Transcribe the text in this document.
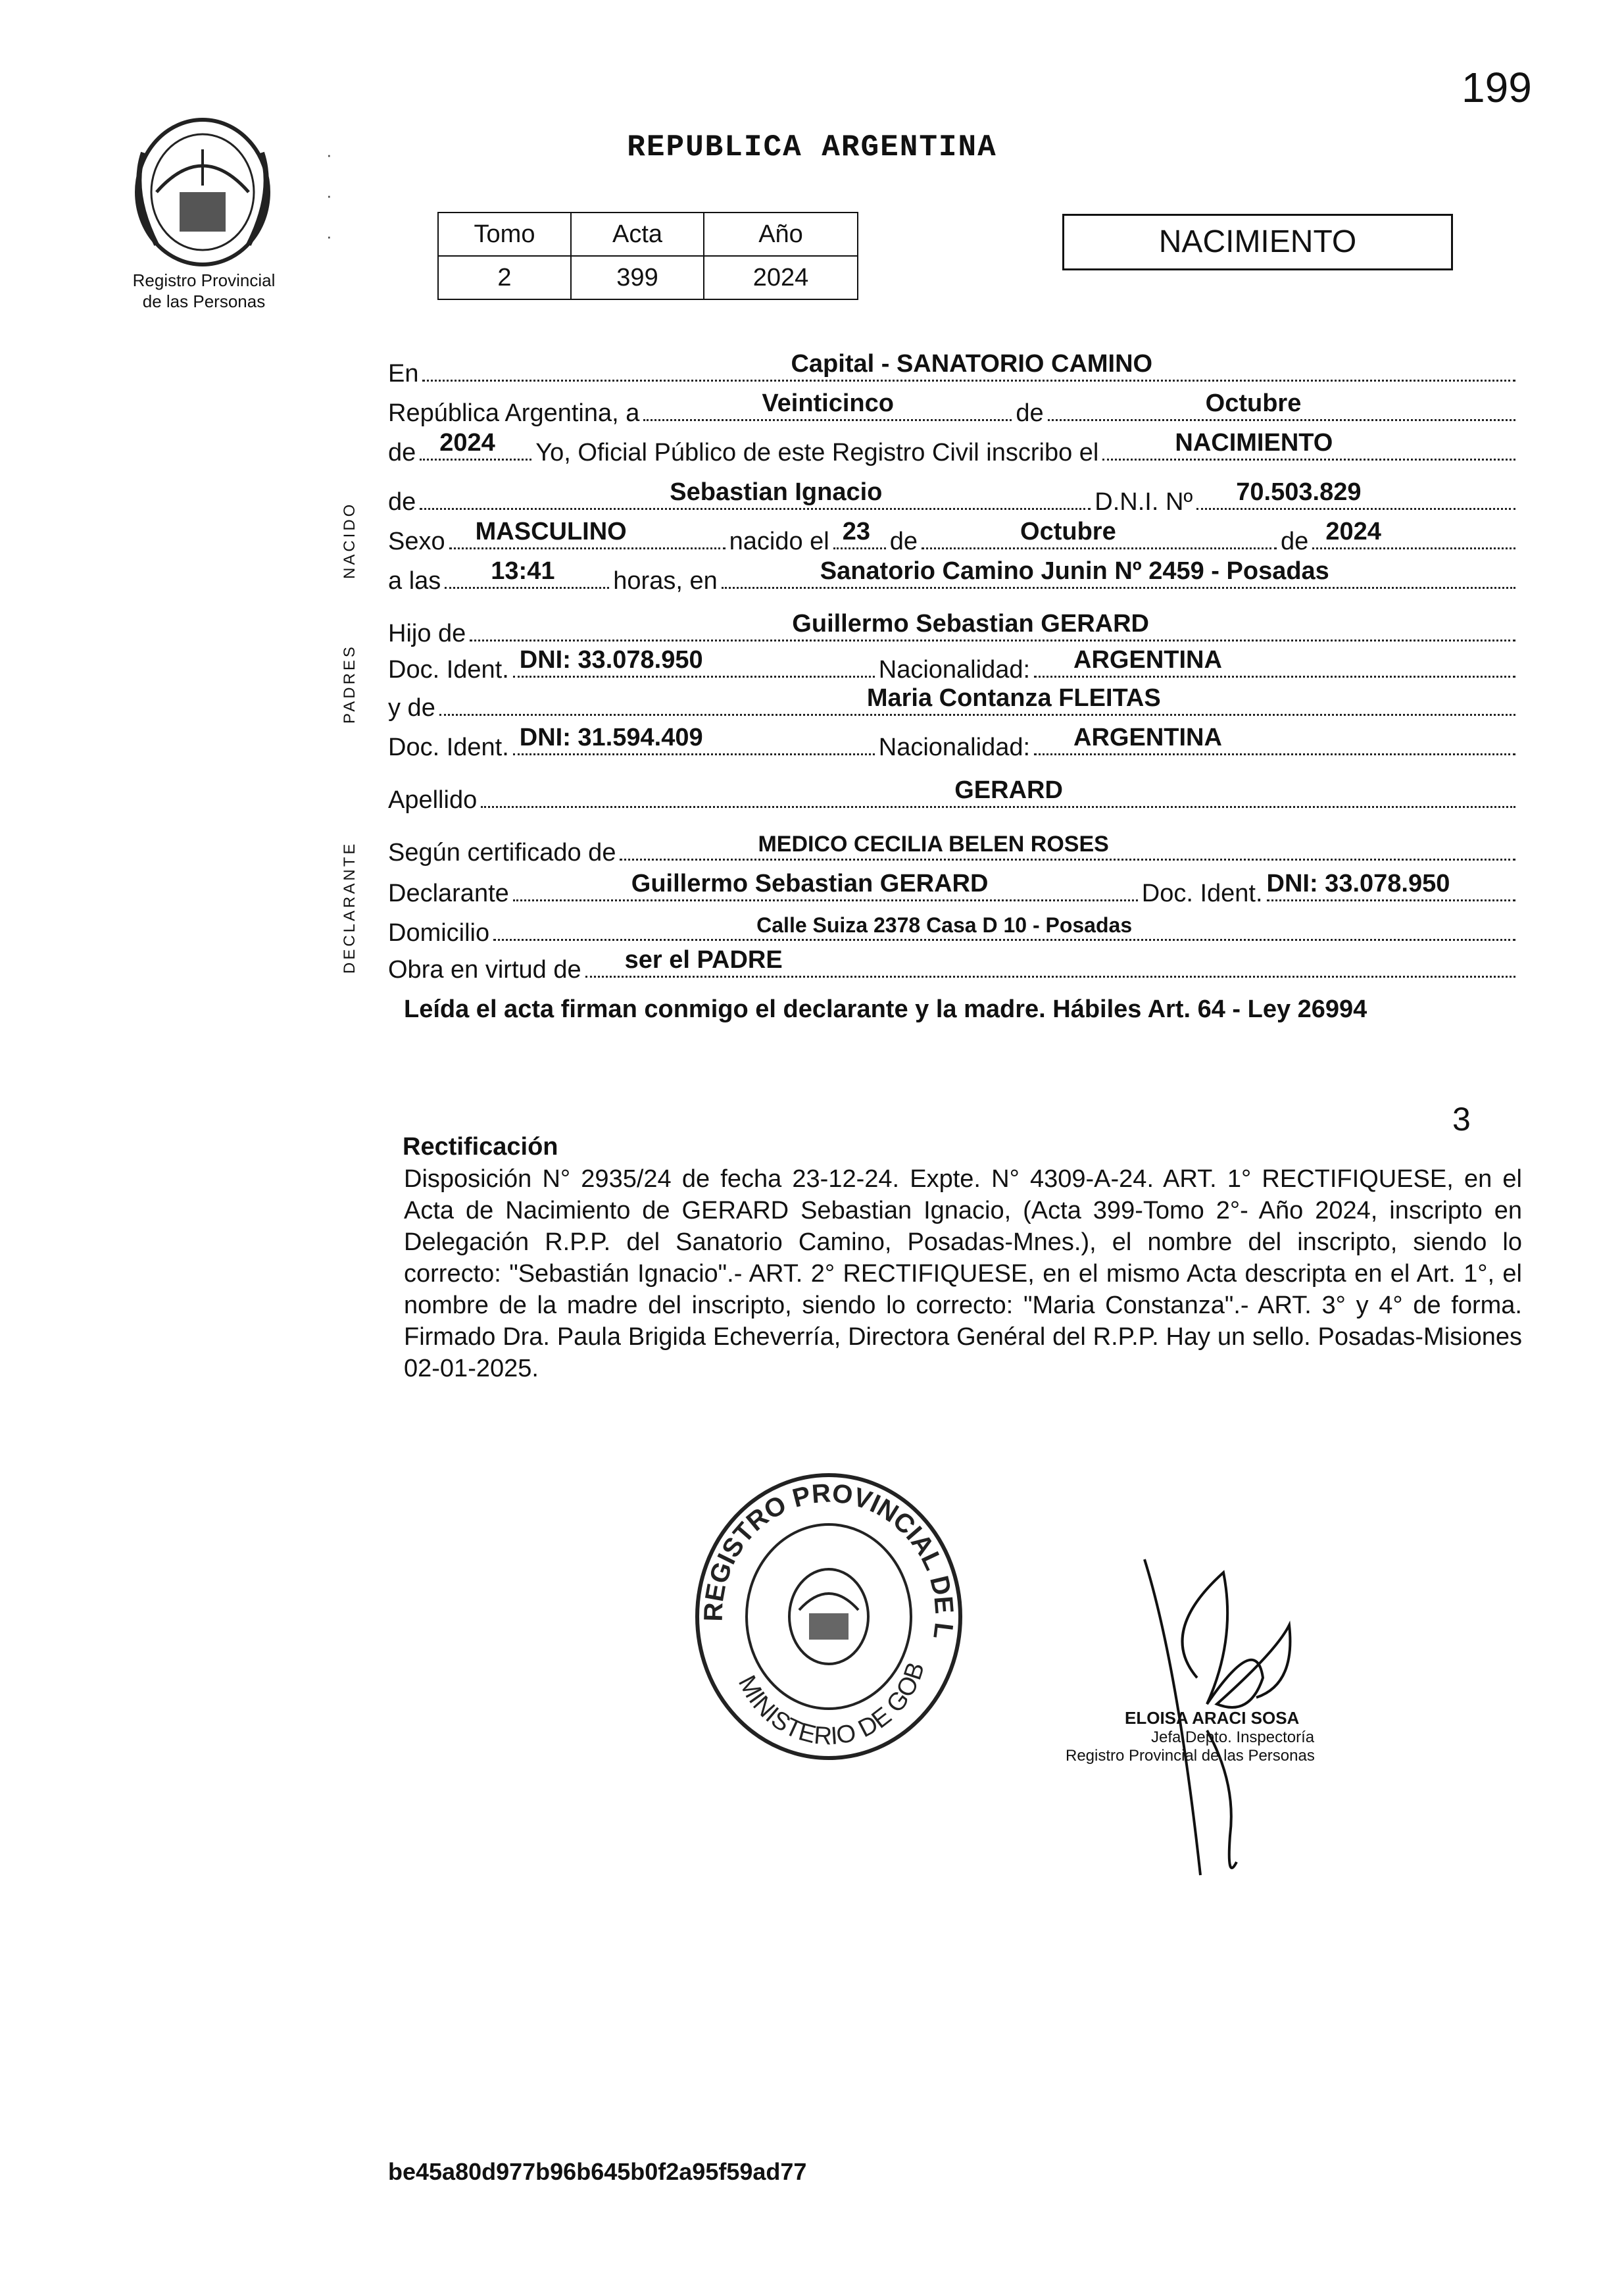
199
Registro Provincial
de las Personas
REPUBLICA ARGENTINA
Tomo	Acta	Año
2	399	2024
NACIMIENTO
NACIDO
PADRES
DECLARANTE
·

·

·
En	Capital - SANATORIO CAMINO
República Argentina, a	Veinticinco	de	Octubre
de 2024 Yo, Oficial Público de este Registro Civil inscribo el	NACIMIENTO
de	Sebastian Ignacio	D.N.I. Nº 70.503.829
Sexo MASCULINO	nacido el 23 de	Octubre	de 2024
a las 13:41 horas, en	Sanatorio Camino Junin Nº 2459 - Posadas
Hijo de	Guillermo Sebastian GERARD
Doc. Ident. DNI: 33.078.950	Nacionalidad: ARGENTINA
y de	Maria Contanza FLEITAS
Doc. Ident. DNI: 31.594.409	Nacionalidad: ARGENTINA
Apellido	GERARD
Según certificado de	MEDICO CECILIA BELEN ROSES
Declarante	Guillermo Sebastian GERARD	Doc. Ident. DNI: 33.078.950
Domicilio	Calle Suiza 2378 Casa D 10 - Posadas
Obra en virtud de ser el PADRE
Leída el acta firman conmigo el declarante y la madre. Hábiles Art. 64 - Ley 26994
3
Rectificación
Disposición N° 2935/24 de fecha 23-12-24. Expte. N° 4309-A-24. ART. 1° RECTIFIQUESE, en el Acta de Nacimiento de GERARD Sebastian Ignacio, (Acta 399-Tomo 2°- Año 2024, inscripto en Delegación R.P.P. del Sanatorio Camino, Posadas-Mnes.), el nombre del inscripto, siendo lo correcto: "Sebastián Ignacio".- ART. 2° RECTIFIQUESE, en el mismo Acta descripta en el Art. 1°, el nombre de la madre del inscripto, siendo lo correcto: "Maria Constanza".- ART. 3° y 4° de forma. Firmado Dra. Paula Brigida Echeverría, Directora Genéral del R.P.P. Hay un sello. Posadas-Misiones 02-01-2025.
REGISTRO PROVINCIAL DE L
MINISTERIO DE GOB
ELOISA ARACI SOSA
Jefa Depto. Inspectoría
Registro Provincial de las Personas
be45a80d977b96b645b0f2a95f59ad77
